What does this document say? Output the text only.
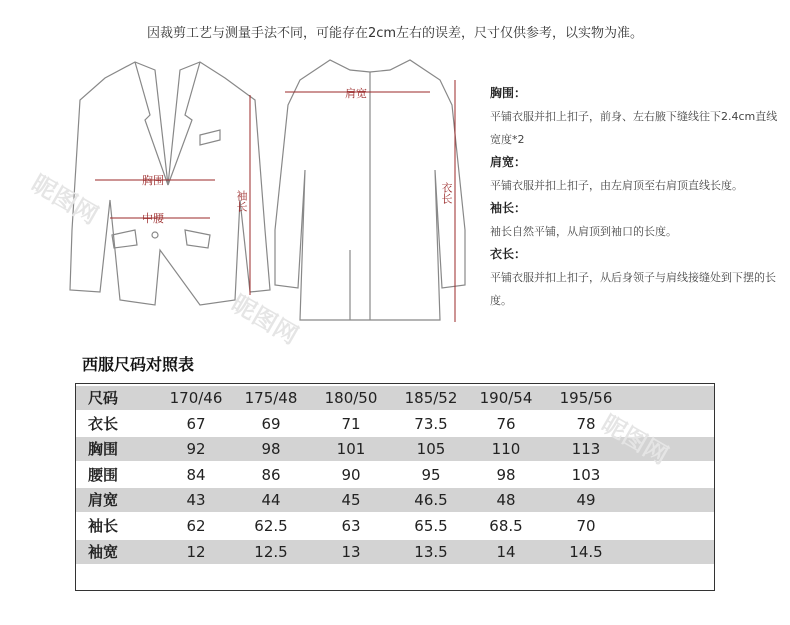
因裁剪工艺与测量手法不同，可能存在2cm左右的误差，尺寸仅供参考，以实物为准。
胸围
中腰
肩宽
袖长	衣长
胸围：
平铺衣服并扣上扣子，前身、左右腋下缝线往下2.4cm直线宽度*2
肩宽：
平铺衣服并扣上扣子，由左肩顶至右肩顶直线长度。
袖长：
袖长自然平铺，从肩顶到袖口的长度。
衣长：
平铺衣服并扣上扣子，从后身领子与肩线接缝处到下摆的长度。
西服尺码对照表
尺码	170/46	175/48	180/50	185/52	190/54	195/56
衣长	67	69	71	73.5	76	78
胸围	92	98	101	105	110	113
腰围	84	86	90	95	98	103
肩宽	43	44	45	46.5	48	49
袖长	62	62.5	63	65.5	68.5	70
袖宽	12	12.5	13	13.5	14	14.5
昵图网
昵图网
昵图网
